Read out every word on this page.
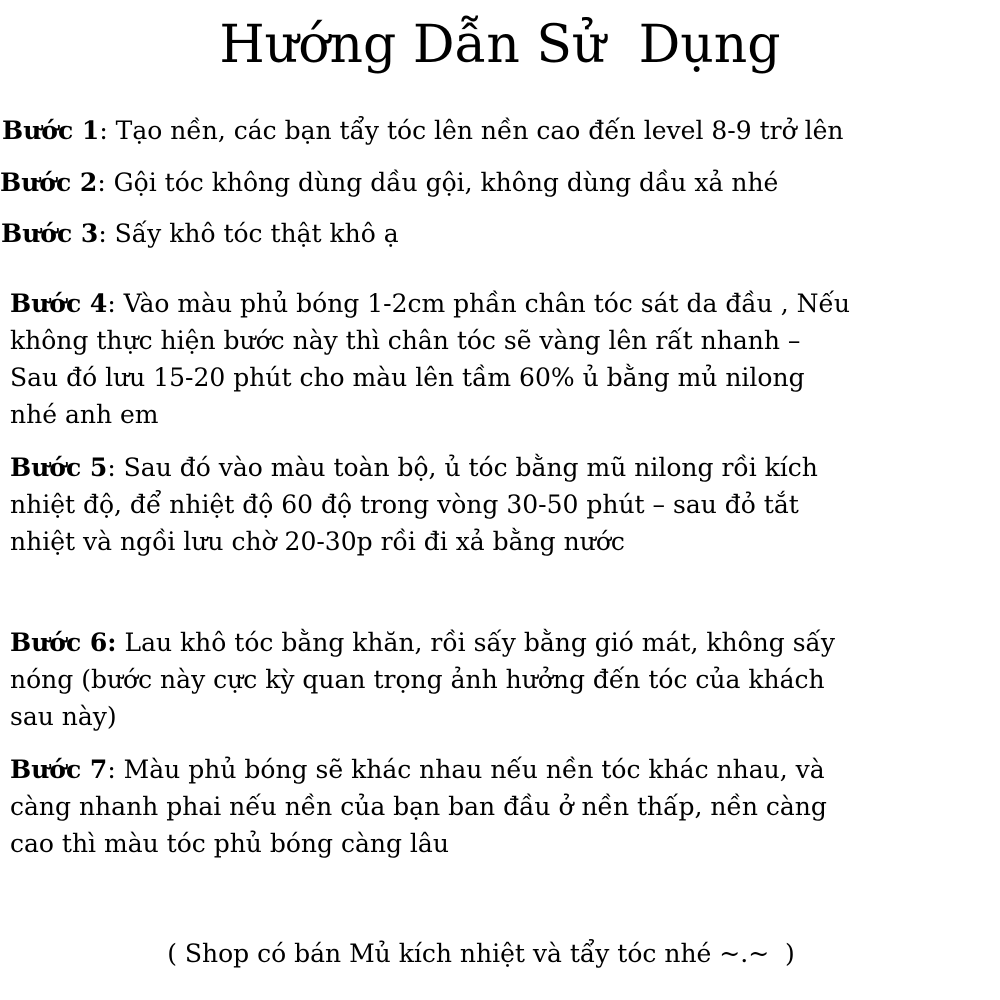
Hướng Dẫn Sử  Dụng
Bước 1: Tạo nền, các bạn tẩy tóc lên nền cao đến level 8-9 trở lên
Bước 2: Gội tóc không dùng dầu gội, không dùng dầu xả nhé
Bước 3: Sấy khô tóc thật khô ạ
Bước 4: Vào màu phủ bóng 1-2cm phần chân tóc sát da đầu , Nếu
không thực hiện bước này thì chân tóc sẽ vàng lên rất nhanh –
Sau đó lưu 15-20 phút cho màu lên tầm 60% ủ bằng mủ nilong
nhé anh em
Bước 5: Sau đó vào màu toàn bộ, ủ tóc bằng mũ nilong rồi kích
nhiệt độ, để nhiệt độ 60 độ trong vòng 30-50 phút – sau đỏ tắt
nhiệt và ngồi lưu chờ 20-30p rồi đi xả bằng nước
Bước 6: Lau khô tóc bằng khăn, rồi sấy bằng gió mát, không sấy
nóng (bước này cực kỳ quan trọng ảnh hưởng đến tóc của khách
sau này)
Bước 7: Màu phủ bóng sẽ khác nhau nếu nền tóc khác nhau, và
càng nhanh phai nếu nền của bạn ban đầu ở nền thấp, nền càng
cao thì màu tóc phủ bóng càng lâu
( Shop có bán Mủ kích nhiệt và tẩy tóc nhé ~.~  )
